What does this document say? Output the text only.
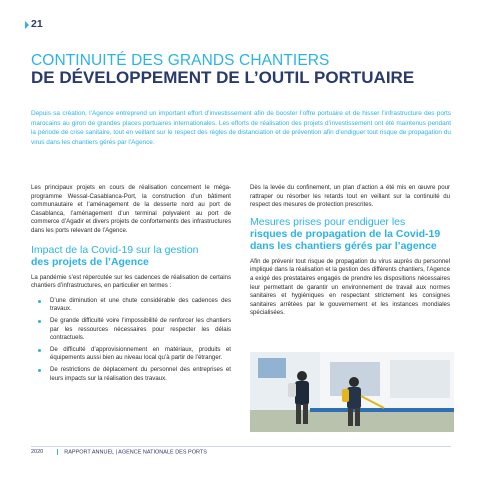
21
CONTINUITÉ DES GRANDS CHANTIERS
DE DÉVELOPPEMENT DE L’OUTIL PORTUAIRE
Depuis sa création, l’Agence entreprend un important effort d’investissement afin de booster l’offre portuaire et de hisser l’infrastructure des ports marocains au giron de grandes places portuaires internationales. Les efforts de réalisation des projets d’investissement ont été maintenus pendant la période de crise sanitaire, tout en veillant sur le respect des règles de distanciation et de prévention afin d’endiguer tout risque de propagation du virus dans les chantiers gérés par l’Agence.

Les principaux projets en cours de réalisation concernent le méga-programme Wessal-Casablanca-Port, la construction d’un bâtiment communautaire et l’aménagement de la desserte nord au port de Casablanca, l’aménagement d’un terminal polyvalent au port de commerce d’Agadir et divers projets de confortements des infrastructures dans les ports relevant de l’Agence.

Impact de la Covid-19 sur la gestion
des projets de l’Agence

La pandémie s’est répercutée sur les cadences de réalisation de certains chantiers d’infrastructures, en particulier en termes :

D’une diminution et une chute considérable des cadences des travaux.
De grande difficulté voire l’impossibilité de renforcer les chantiers par les ressources nécessaires pour respecter les délais contractuels.
De difficulté d’approvisionnement en matériaux, produits et équipements aussi bien au niveau local qu’à partir de l’étranger.
De restrictions de déplacement du personnel des entreprises et leurs impacts sur la réalisation des travaux.

Dès la levée du confinement, un plan d’action a été mis en œuvre pour rattraper ou résorber les retards tout en veillant sur la continuité du respect des mesures de protection prescrites.

Mesures prises pour endiguer les
risques de propagation de la Covid-19
dans les chantiers gérés par l’agence

Afin de prévenir tout risque de propagation du virus auprès du personnel impliqué dans la réalisation et la gestion des différents chantiers, l’Agence a exigé des prestataires engagés de prendre les dispositions nécessaires leur permettant de garantir un environnement de travail aux normes sanitaires et hygiéniques en respectant strictement les consignes sanitaires arrêtées par le gouvernement et les instances mondiales spécialisées.

2020	RAPPORT ANNUEL | AGENCE NATIONALE DES PORTS
